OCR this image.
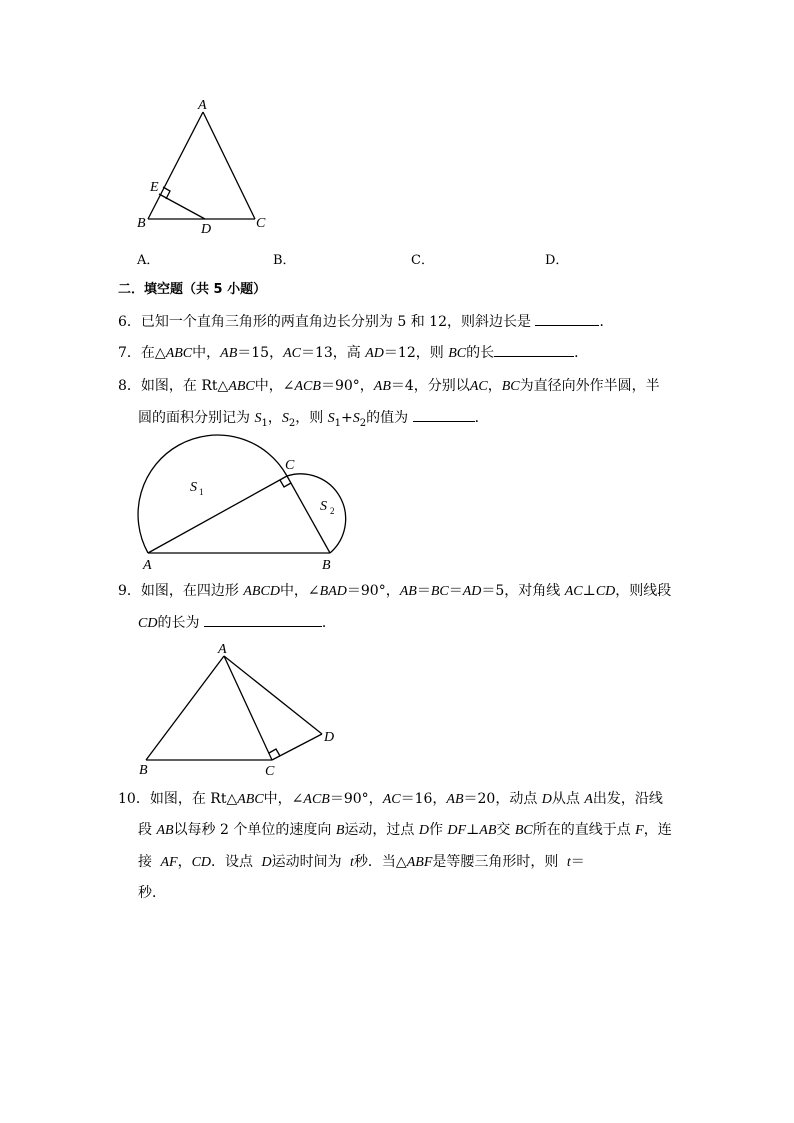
A
E
B	D	C
A．	B．	C．	D．
二．填空题（共 5 小题）
6．已知一个直角三角形的两直角边长分别为 5 和 12，则斜边长是	．
7．在△ABC中，AB＝15，AC＝13，高 AD＝12，则 BC的长	．
8．如图，在 Rt△ABC中，∠ACB＝90°，AB＝4，分别以AC，BC为直径向外作半圆，半
圆的面积分别记为 $S_1$，$S_2$，则 $S_1+S_2$的值为	．
C
S 1
S 2
A	B
9．如图，在四边形 ABCD中，∠BAD＝90°，AB＝BC＝AD＝5，对角线 AC⊥CD，则线段
CD的长为	．
A
D
B	C
10．如图，在 Rt△ABC中，∠ACB＝90°，AC＝16，AB＝20，动点 D从点 A出发，沿线
段 AB以每秒 2 个单位的速度向 B运动，过点 D作 DF⊥AB交 BC所在的直线于点 F，连
接 AF，CD．设点 D运动时间为 t秒．当△ABF是等腰三角形时，则 t＝
秒．
